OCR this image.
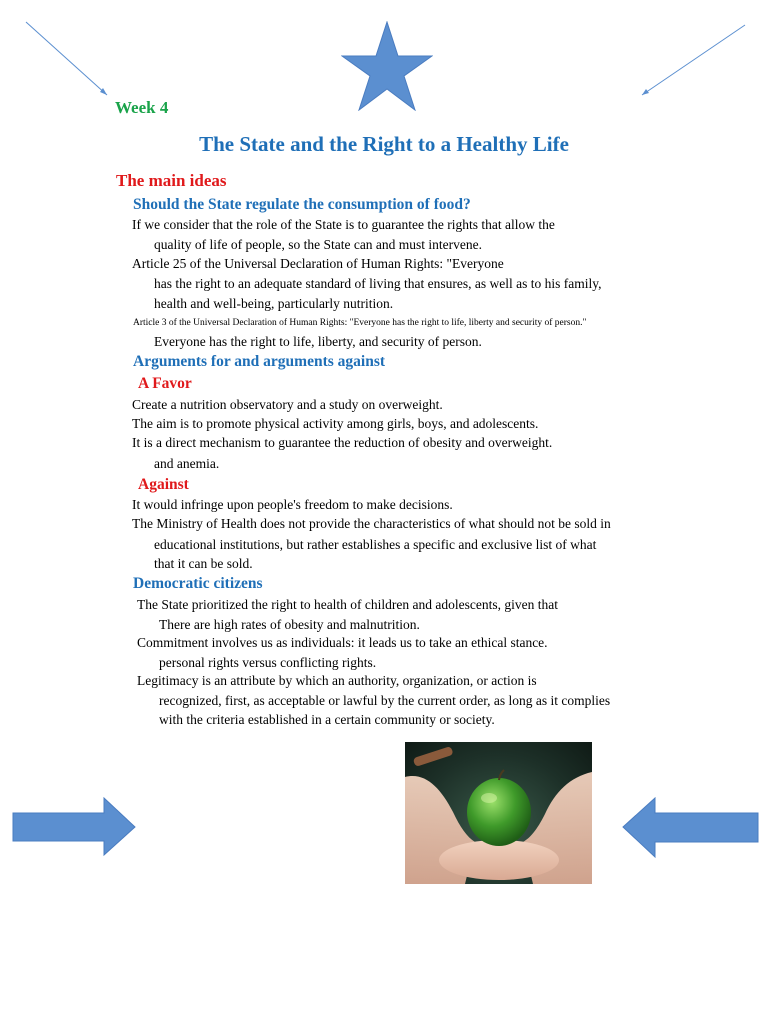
Week 4
The State and the Right to a Healthy Life
The main ideas
Should the State regulate the consumption of food?
If we consider that the role of the State is to guarantee the rights that allow the
quality of life of people, so the State can and must intervene.
Article 25 of the Universal Declaration of Human Rights: "Everyone
has the right to an adequate standard of living that ensures, as well as to his family,
health and well-being, particularly nutrition.
Article 3 of the Universal Declaration of Human Rights: "Everyone has the right to life, liberty and security of person."
Everyone has the right to life, liberty, and security of person.
Arguments for and arguments against
A Favor
Create a nutrition observatory and a study on overweight.
The aim is to promote physical activity among girls, boys, and adolescents.
It is a direct mechanism to guarantee the reduction of obesity and overweight.
and anemia.
Against
It would infringe upon people's freedom to make decisions.
The Ministry of Health does not provide the characteristics of what should not be sold in
educational institutions, but rather establishes a specific and exclusive list of what
that it can be sold.
Democratic citizens
The State prioritized the right to health of children and adolescents, given that
There are high rates of obesity and malnutrition.
Commitment involves us as individuals: it leads us to take an ethical stance.
personal rights versus conflicting rights.
Legitimacy is an attribute by which an authority, organization, or action is
recognized, first, as acceptable or lawful by the current order, as long as it complies
with the criteria established in a certain community or society.
